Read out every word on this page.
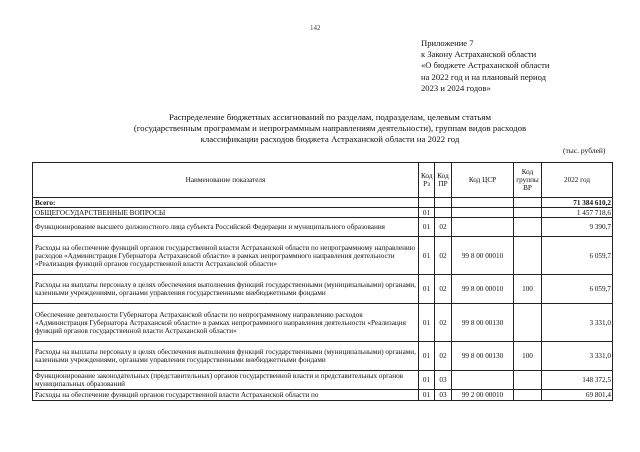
142
Приложение 7
к Закону Астраханской области
«О бюджете Астраханской области
на 2022 год и на плановый период
2023 и 2024 годов»
Распределение бюджетных ассигнований по разделам, подразделам, целевым статьям
(государственным программам и непрограммным направлениям деятельности), группам видов расходов
классификации расходов бюджета Астраханской области на 2022 год
(тыс. рублей)
Наименование показателя	Код Рз	Код ПР	Код ЦСР	Код группы ВР	2022 год
Всего:					71 384 610,2
ОБЩЕГОСУДАРСТВЕННЫЕ ВОПРОСЫ	01				1 457 718,6
Функционирование высшего должностного лица субъекта Российской Федерации и муниципального образования	01	02			9 390,7
Расходы на обеспечение функций органов государственной власти Астраханской области по непрограммному направлению расходов «Администрация Губернатора Астраханской области» в рамках непрограммного направления деятельности «Реализация функций органов государственной власти Астраханской области»	01	02	99 8 00 00010		6 059,7
Расходы на выплаты персоналу в целях обеспечения выполнения функций государственными (муниципальными) органами, казенными учреждениями, органами управления государственными внебюджетными фондами	01	02	99 8 00 00010	100	6 059,7
Обеспечение деятельности Губернатора Астраханской области по непрограммному направлению расходов «Администрация Губернатора Астраханской области» в рамках непрограммного направления деятельности «Реализация функций органов государственной власти Астраханской области»	01	02	99 8 00 00130		3 331,0
Расходы на выплаты персоналу в целях обеспечения выполнения функций государственными (муниципальными) органами, казенными учреждениями, органами управления государственными внебюджетными фондами	01	02	99 8 00 00130	100	3 331,0
Функционирование законодательных (представительных) органов государственной власти и представительных органов муниципальных образований	01	03			148 372,5
Расходы на обеспечение функций органов государственной власти Астраханской области по	01	03	99 2 00 00010		69 801,4
